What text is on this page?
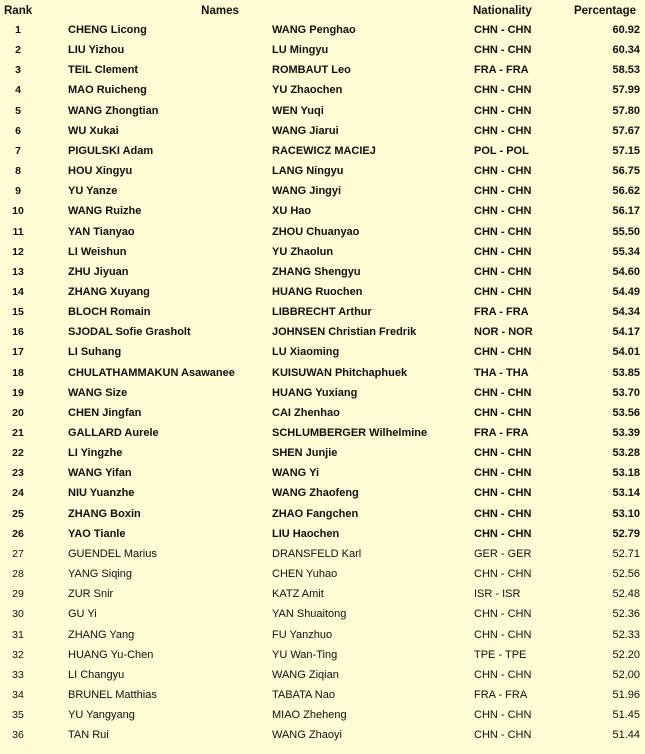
Rank	Names	Nationality	Percentage
1	CHENG Licong	WANG Penghao	CHN - CHN	60.92
2	LIU Yizhou	LU Mingyu	CHN - CHN	60.34
3	TEIL Clement	ROMBAUT Leo	FRA - FRA	58.53
4	MAO Ruicheng	YU Zhaochen	CHN - CHN	57.99
5	WANG Zhongtian	WEN Yuqi	CHN - CHN	57.80
6	WU Xukai	WANG Jiarui	CHN - CHN	57.67
7	PIGULSKI Adam	RACEWICZ MACIEJ	POL - POL	57.15
8	HOU Xingyu	LANG Ningyu	CHN - CHN	56.75
9	YU Yanze	WANG Jingyi	CHN - CHN	56.62
10	WANG Ruizhe	XU Hao	CHN - CHN	56.17
11	YAN Tianyao	ZHOU Chuanyao	CHN - CHN	55.50
12	LI Weishun	YU Zhaolun	CHN - CHN	55.34
13	ZHU Jiyuan	ZHANG Shengyu	CHN - CHN	54.60
14	ZHANG Xuyang	HUANG Ruochen	CHN - CHN	54.49
15	BLOCH Romain	LIBBRECHT Arthur	FRA - FRA	54.34
16	SJODAL Sofie Grasholt	JOHNSEN Christian Fredrik	NOR - NOR	54.17
17	LI Suhang	LU Xiaoming	CHN - CHN	54.01
18	CHULATHAMMAKUN Asawanee	KUISUWAN Phitchaphuek	THA - THA	53.85
19	WANG Size	HUANG Yuxiang	CHN - CHN	53.70
20	CHEN Jingfan	CAI Zhenhao	CHN - CHN	53.56
21	GALLARD Aurele	SCHLUMBERGER Wilhelmine	FRA - FRA	53.39
22	LI Yingzhe	SHEN Junjie	CHN - CHN	53.28
23	WANG Yifan	WANG Yi	CHN - CHN	53.18
24	NIU Yuanzhe	WANG Zhaofeng	CHN - CHN	53.14
25	ZHANG Boxin	ZHAO Fangchen	CHN - CHN	53.10
26	YAO Tianle	LIU Haochen	CHN - CHN	52.79
27	GUENDEL Marius	DRANSFELD Karl	GER - GER	52.71
28	YANG Siqing	CHEN Yuhao	CHN - CHN	52.56
29	ZUR Snir	KATZ Amit	ISR - ISR	52.48
30	GU Yi	YAN Shuaitong	CHN - CHN	52.36
31	ZHANG Yang	FU Yanzhuo	CHN - CHN	52.33
32	HUANG Yu-Chen	YU Wan-Ting	TPE - TPE	52.20
33	LI Changyu	WANG Ziqian	CHN - CHN	52.00
34	BRUNEL Matthias	TABATA Nao	FRA - FRA	51.96
35	YU Yangyang	MIAO Zheheng	CHN - CHN	51.45
36	TAN Rui	WANG Zhaoyi	CHN - CHN	51.44
